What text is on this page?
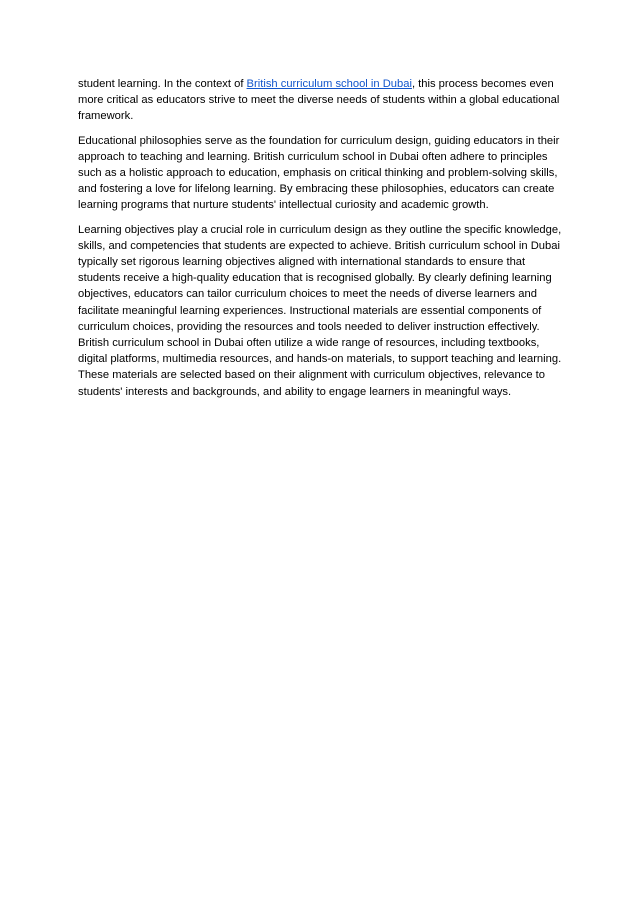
student learning. In the context of British curriculum school in Dubai, this process becomes even more critical as educators strive to meet the diverse needs of students within a global educational framework.

Educational philosophies serve as the foundation for curriculum design, guiding educators in their approach to teaching and learning. British curriculum school in Dubai often adhere to principles such as a holistic approach to education, emphasis on critical thinking and problem-solving skills, and fostering a love for lifelong learning. By embracing these philosophies, educators can create learning programs that nurture students' intellectual curiosity and academic growth.

Learning objectives play a crucial role in curriculum design as they outline the specific knowledge, skills, and competencies that students are expected to achieve. British curriculum school in Dubai typically set rigorous learning objectives aligned with international standards to ensure that students receive a high-quality education that is recognised globally. By clearly defining learning objectives, educators can tailor curriculum choices to meet the needs of diverse learners and facilitate meaningful learning experiences. Instructional materials are essential components of curriculum choices, providing the resources and tools needed to deliver instruction effectively. British curriculum school in Dubai often utilize a wide range of resources, including textbooks, digital platforms, multimedia resources, and hands-on materials, to support teaching and learning. These materials are selected based on their alignment with curriculum objectives, relevance to students' interests and backgrounds, and ability to engage learners in meaningful ways.
